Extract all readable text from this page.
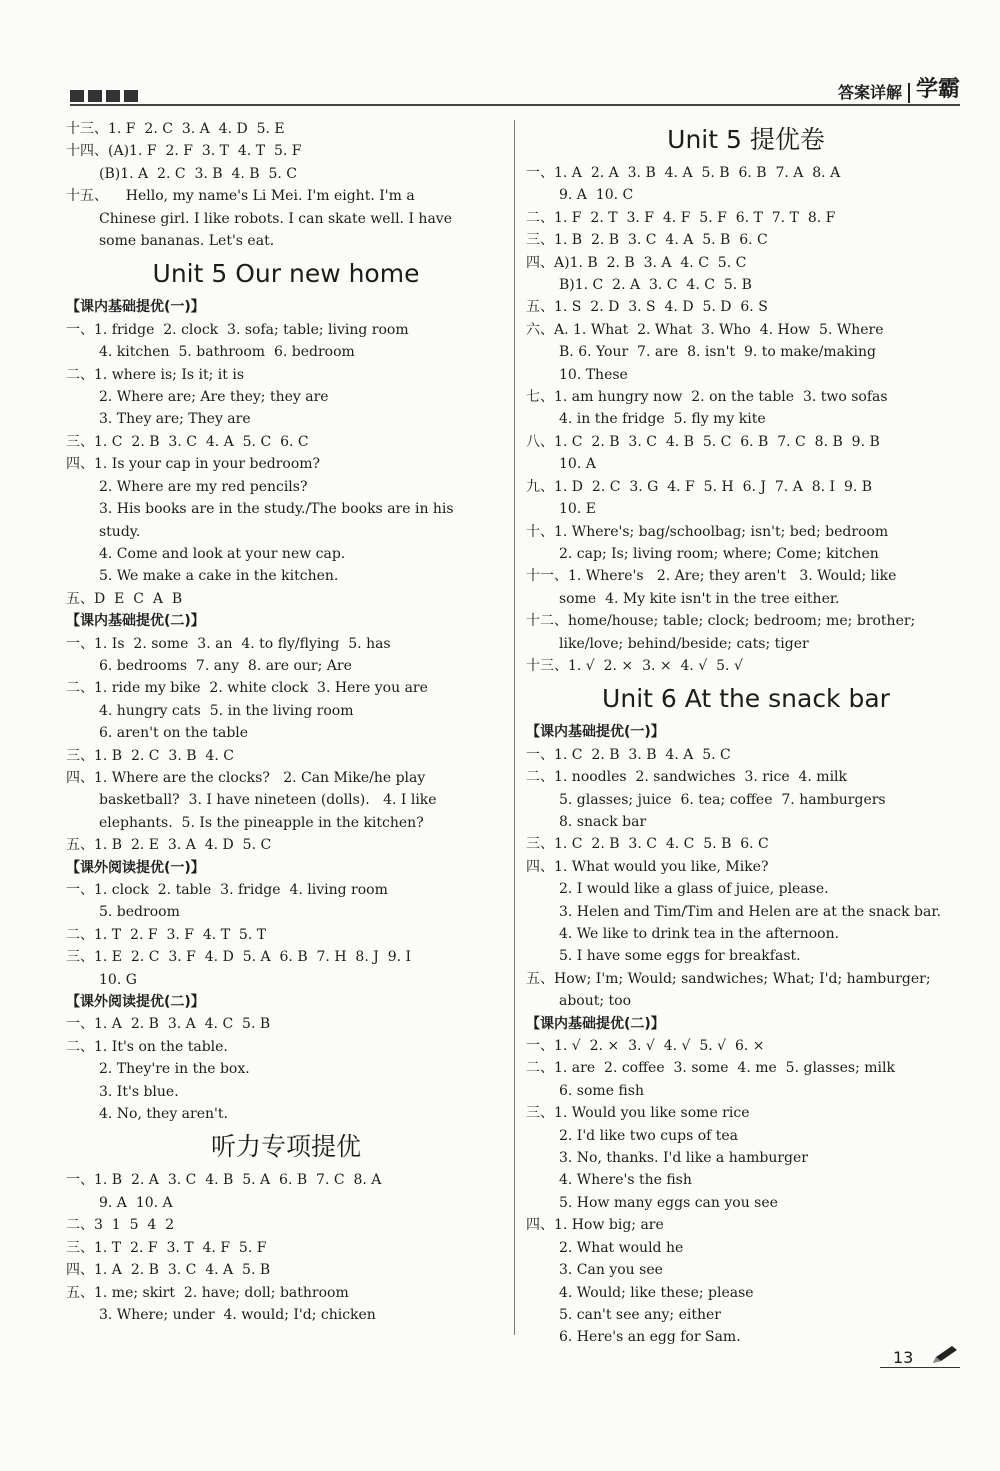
答案详解 学霸
十三、1. F  2. C  3. A  4. D  5. E
十四、(A)1. F  2. F  3. T  4. T  5. F
(B)1. A  2. C  3. B  4. B  5. C
十五、    Hello, my name's Li Mei. I'm eight. I'm a
Chinese girl. I like robots. I can skate well. I have
some bananas. Let's eat.
Unit 5 Our new home
【课内基础提优(一)】
一、1. fridge  2. clock  3. sofa; table; living room
4. kitchen  5. bathroom  6. bedroom
二、1. where is; Is it; it is
2. Where are; Are they; they are
3. They are; They are
三、1. C  2. B  3. C  4. A  5. C  6. C
四、1. Is your cap in your bedroom?
2. Where are my red pencils?
3. His books are in the study./The books are in his
study.
4. Come and look at your new cap.
5. We make a cake in the kitchen.
五、D  E  C  A  B
【课内基础提优(二)】
一、1. Is  2. some  3. an  4. to fly/flying  5. has
6. bedrooms  7. any  8. are our; Are
二、1. ride my bike  2. white clock  3. Here you are
4. hungry cats  5. in the living room
6. aren't on the table
三、1. B  2. C  3. B  4. C
四、1. Where are the clocks?   2. Can Mike/he play
basketball?  3. I have nineteen (dolls).   4. I like
elephants.  5. Is the pineapple in the kitchen?
五、1. B  2. E  3. A  4. D  5. C
【课外阅读提优(一)】
一、1. clock  2. table  3. fridge  4. living room
5. bedroom
二、1. T  2. F  3. F  4. T  5. T
三、1. E  2. C  3. F  4. D  5. A  6. B  7. H  8. J  9. I
10. G
【课外阅读提优(二)】
一、1. A  2. B  3. A  4. C  5. B
二、1. It's on the table.
2. They're in the box.
3. It's blue.
4. No, they aren't.
听力专项提优
一、1. B  2. A  3. C  4. B  5. A  6. B  7. C  8. A
9. A  10. A
二、3  1  5  4  2
三、1. T  2. F  3. T  4. F  5. F
四、1. A  2. B  3. C  4. A  5. B
五、1. me; skirt  2. have; doll; bathroom
3. Where; under  4. would; I'd; chicken
Unit 5 提优卷
一、1. A  2. A  3. B  4. A  5. B  6. B  7. A  8. A
9. A  10. C
二、1. F  2. T  3. F  4. F  5. F  6. T  7. T  8. F
三、1. B  2. B  3. C  4. A  5. B  6. C
四、A)1. B  2. B  3. A  4. C  5. C
B)1. C  2. A  3. C  4. C  5. B
五、1. S  2. D  3. S  4. D  5. D  6. S
六、A. 1. What  2. What  3. Who  4. How  5. Where
B. 6. Your  7. are  8. isn't  9. to make/making
10. These
七、1. am hungry now  2. on the table  3. two sofas
4. in the fridge  5. fly my kite
八、1. C  2. B  3. C  4. B  5. C  6. B  7. C  8. B  9. B
10. A
九、1. D  2. C  3. G  4. F  5. H  6. J  7. A  8. I  9. B
10. E
十、1. Where's; bag/schoolbag; isn't; bed; bedroom
2. cap; Is; living room; where; Come; kitchen
十一、1. Where's   2. Are; they aren't   3. Would; like
some  4. My kite isn't in the tree either.
十二、home/house; table; clock; bedroom; me; brother;
like/love; behind/beside; cats; tiger
十三、1. √  2. ×  3. ×  4. √  5. √
Unit 6 At the snack bar
【课内基础提优(一)】
一、1. C  2. B  3. B  4. A  5. C
二、1. noodles  2. sandwiches  3. rice  4. milk
5. glasses; juice  6. tea; coffee  7. hamburgers
8. snack bar
三、1. C  2. B  3. C  4. C  5. B  6. C
四、1. What would you like, Mike?
2. I would like a glass of juice, please.
3. Helen and Tim/Tim and Helen are at the snack bar.
4. We like to drink tea in the afternoon.
5. I have some eggs for breakfast.
五、How; I'm; Would; sandwiches; What; I'd; hamburger;
about; too
【课内基础提优(二)】
一、1. √  2. ×  3. √  4. √  5. √  6. ×
二、1. are  2. coffee  3. some  4. me  5. glasses; milk
6. some fish
三、1. Would you like some rice
2. I'd like two cups of tea
3. No, thanks. I'd like a hamburger
4. Where's the fish
5. How many eggs can you see
四、1. How big; are
2. What would he
3. Can you see
4. Would; like these; please
5. can't see any; either
6. Here's an egg for Sam.
13
